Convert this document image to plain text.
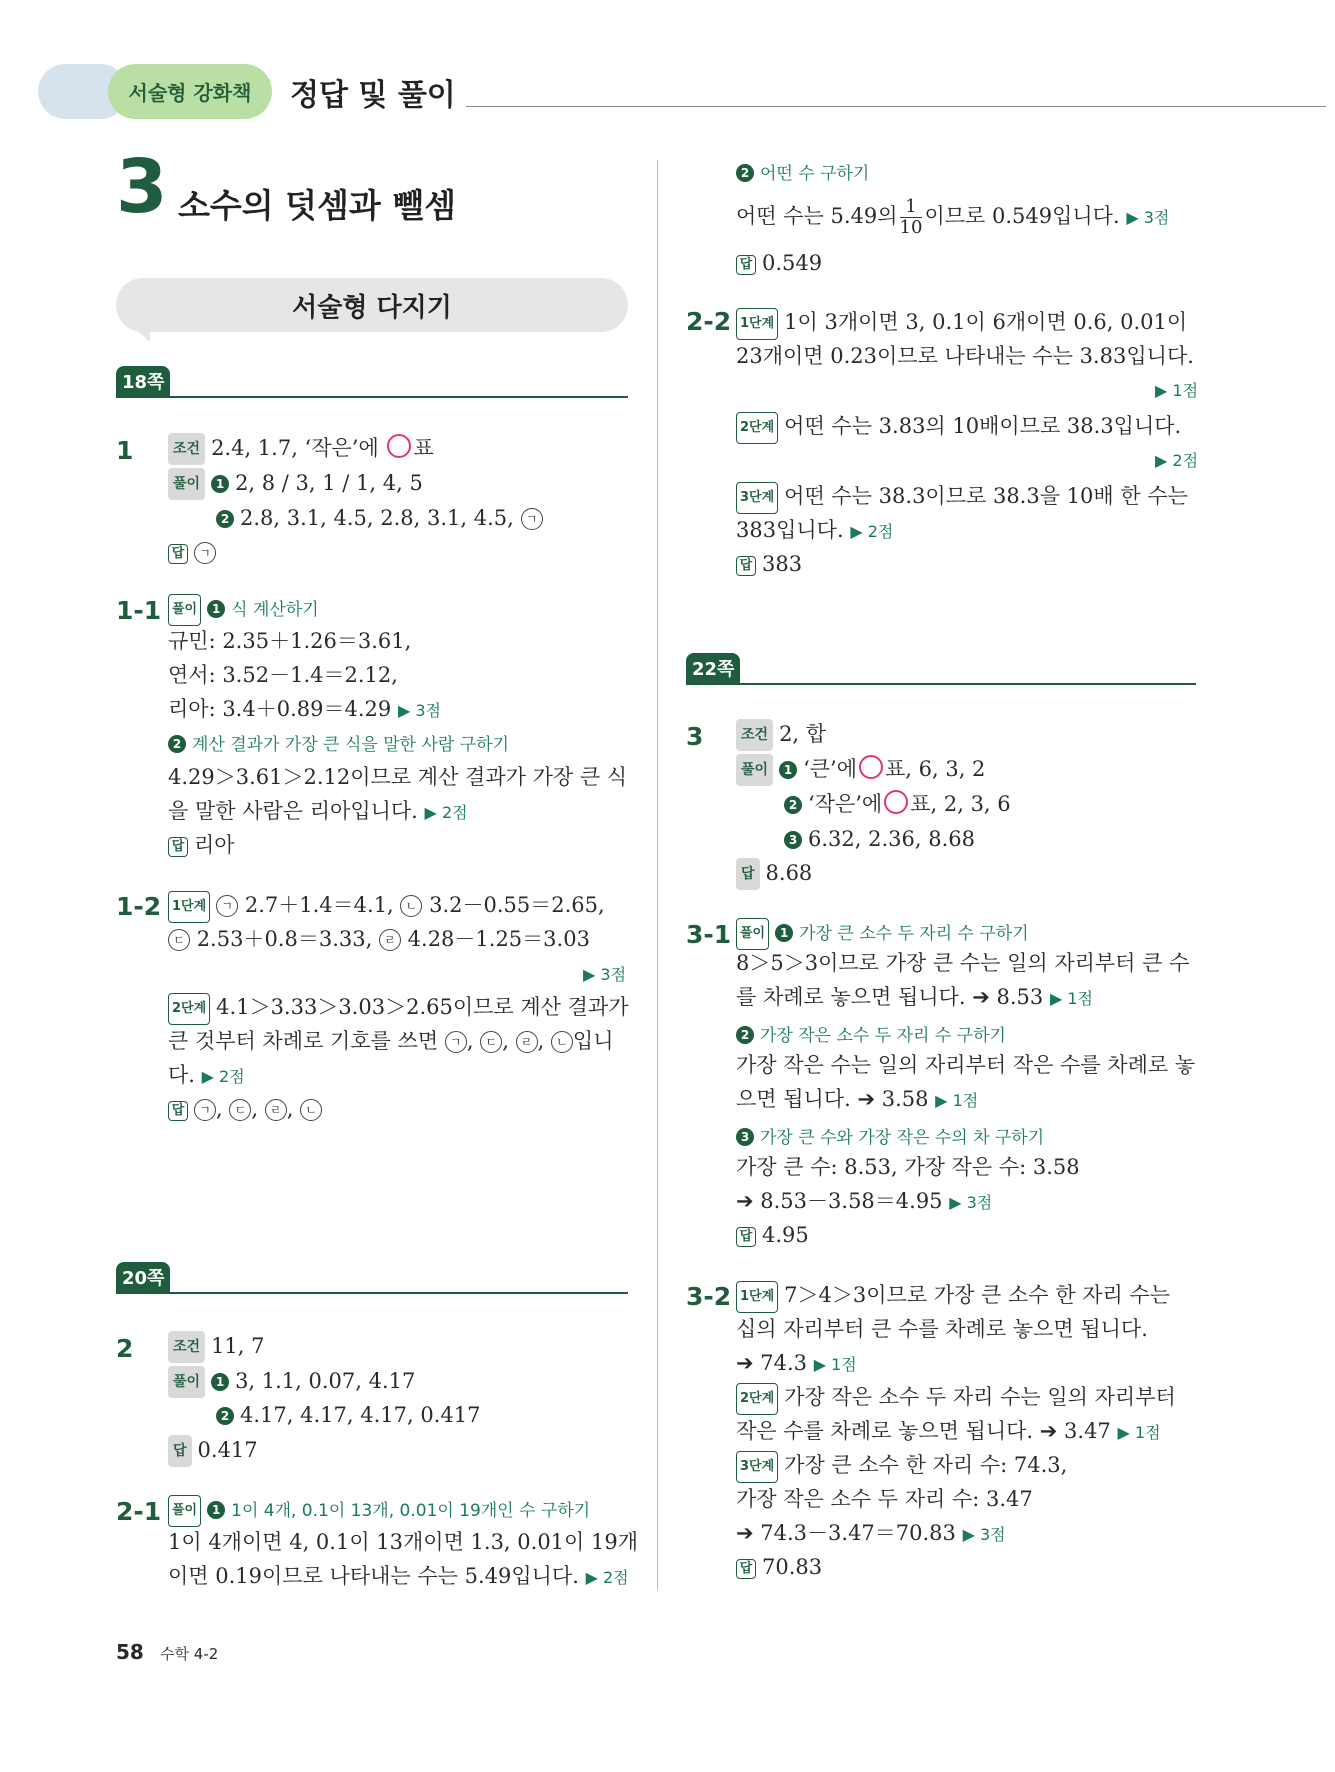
서술형 강화책	정답 및 풀이
3 소수의 덧셈과 뺄셈
서술형 다지기
18쪽
1	조건 2.4, 1.7, ‘작은’에 ○ 표
풀이 1 2, 8 / 3, 1 / 1, 4, 5
2 2.8, 3.1, 4.5, 2.8, 3.1, 4.5, ㄱ
답 ㄱ
1-1 풀이 1 식 계산하기
규민: 2.35＋1.26＝3.61,
연서: 3.52－1.4＝2.12,
리아: 3.4＋0.89＝4.29 ▶ 3점
2 계산 결과가 가장 큰 식을 말한 사람 구하기
4.29＞3.61＞2.12이므로 계산 결과가 가장 큰 식
을 말한 사람은 리아입니다. ▶ 2점
답 리아
1-2 1단계 ㄱ 2.7＋1.4＝4.1, ㄴ 3.2－0.55＝2.65,
ㄷ 2.53＋0.8＝3.33, ㄹ 4.28－1.25＝3.03
▶ 3점
2단계 4.1＞3.33＞3.03＞2.65이므로 계산 결과가
큰 것부터 차례로 기호를 쓰면 ㄱ , ㄷ , ㄹ , ㄴ 입니
다. ▶ 2점
답 ㄱ , ㄷ , ㄹ , ㄴ
20쪽
2	조건 11, 7
풀이 1 3, 1.1, 0.07, 4.17
2 4.17, 4.17, 4.17, 0.417
답 0.417
2-1 풀이 1 1이 4개, 0.1이 13개, 0.01이 19개인 수 구하기
1이 4개이면 4, 0.1이 13개이면 1.3, 0.01이 19개
이면 0.19이므로 나타내는 수는 5.49입니다. ▶ 2점
2 어떤 수 구하기
어떤 수는 5.49의 $\frac{1}{10}$ 이므로 0.549입니다. ▶ 3점
답 0.549
2-2 1단계 1이 3개이면 3, 0.1이 6개이면 0.6, 0.01이
23개이면 0.23이므로 나타내는 수는 3.83입니다.
▶ 1점
2단계 어떤 수는 3.83의 10배이므로 38.3입니다.
▶ 2점
3단계 어떤 수는 38.3이므로 38.3을 10배 한 수는
383입니다. ▶ 2점
답 383
22쪽
3	조건 2, 합
풀이 1 ‘큰’에 ○ 표, 6, 3, 2
2 ‘작은’에 ○ 표, 2, 3, 6
3 6.32, 2.36, 8.68
답 8.68
3-1 풀이 1 가장 큰 소수 두 자리 수 구하기
8＞5＞3이므로 가장 큰 수는 일의 자리부터 큰 수
를 차례로 놓으면 됩니다. ➔ 8.53 ▶ 1점
2 가장 작은 소수 두 자리 수 구하기
가장 작은 수는 일의 자리부터 작은 수를 차례로 놓
으면 됩니다. ➔ 3.58 ▶ 1점
3 가장 큰 수와 가장 작은 수의 차 구하기
가장 큰 수: 8.53, 가장 작은 수: 3.58
➔ 8.53－3.58＝4.95 ▶ 3점
답 4.95
3-2 1단계 7＞4＞3이므로 가장 큰 소수 한 자리 수는
십의 자리부터 큰 수를 차례로 놓으면 됩니다.
➔ 74.3 ▶ 1점
2단계 가장 작은 소수 두 자리 수는 일의 자리부터
작은 수를 차례로 놓으면 됩니다. ➔ 3.47 ▶ 1점
3단계 가장 큰 소수 한 자리 수: 74.3,
가장 작은 소수 두 자리 수: 3.47
➔ 74.3－3.47＝70.83 ▶ 3점
답 70.83
58 수학 4-2
